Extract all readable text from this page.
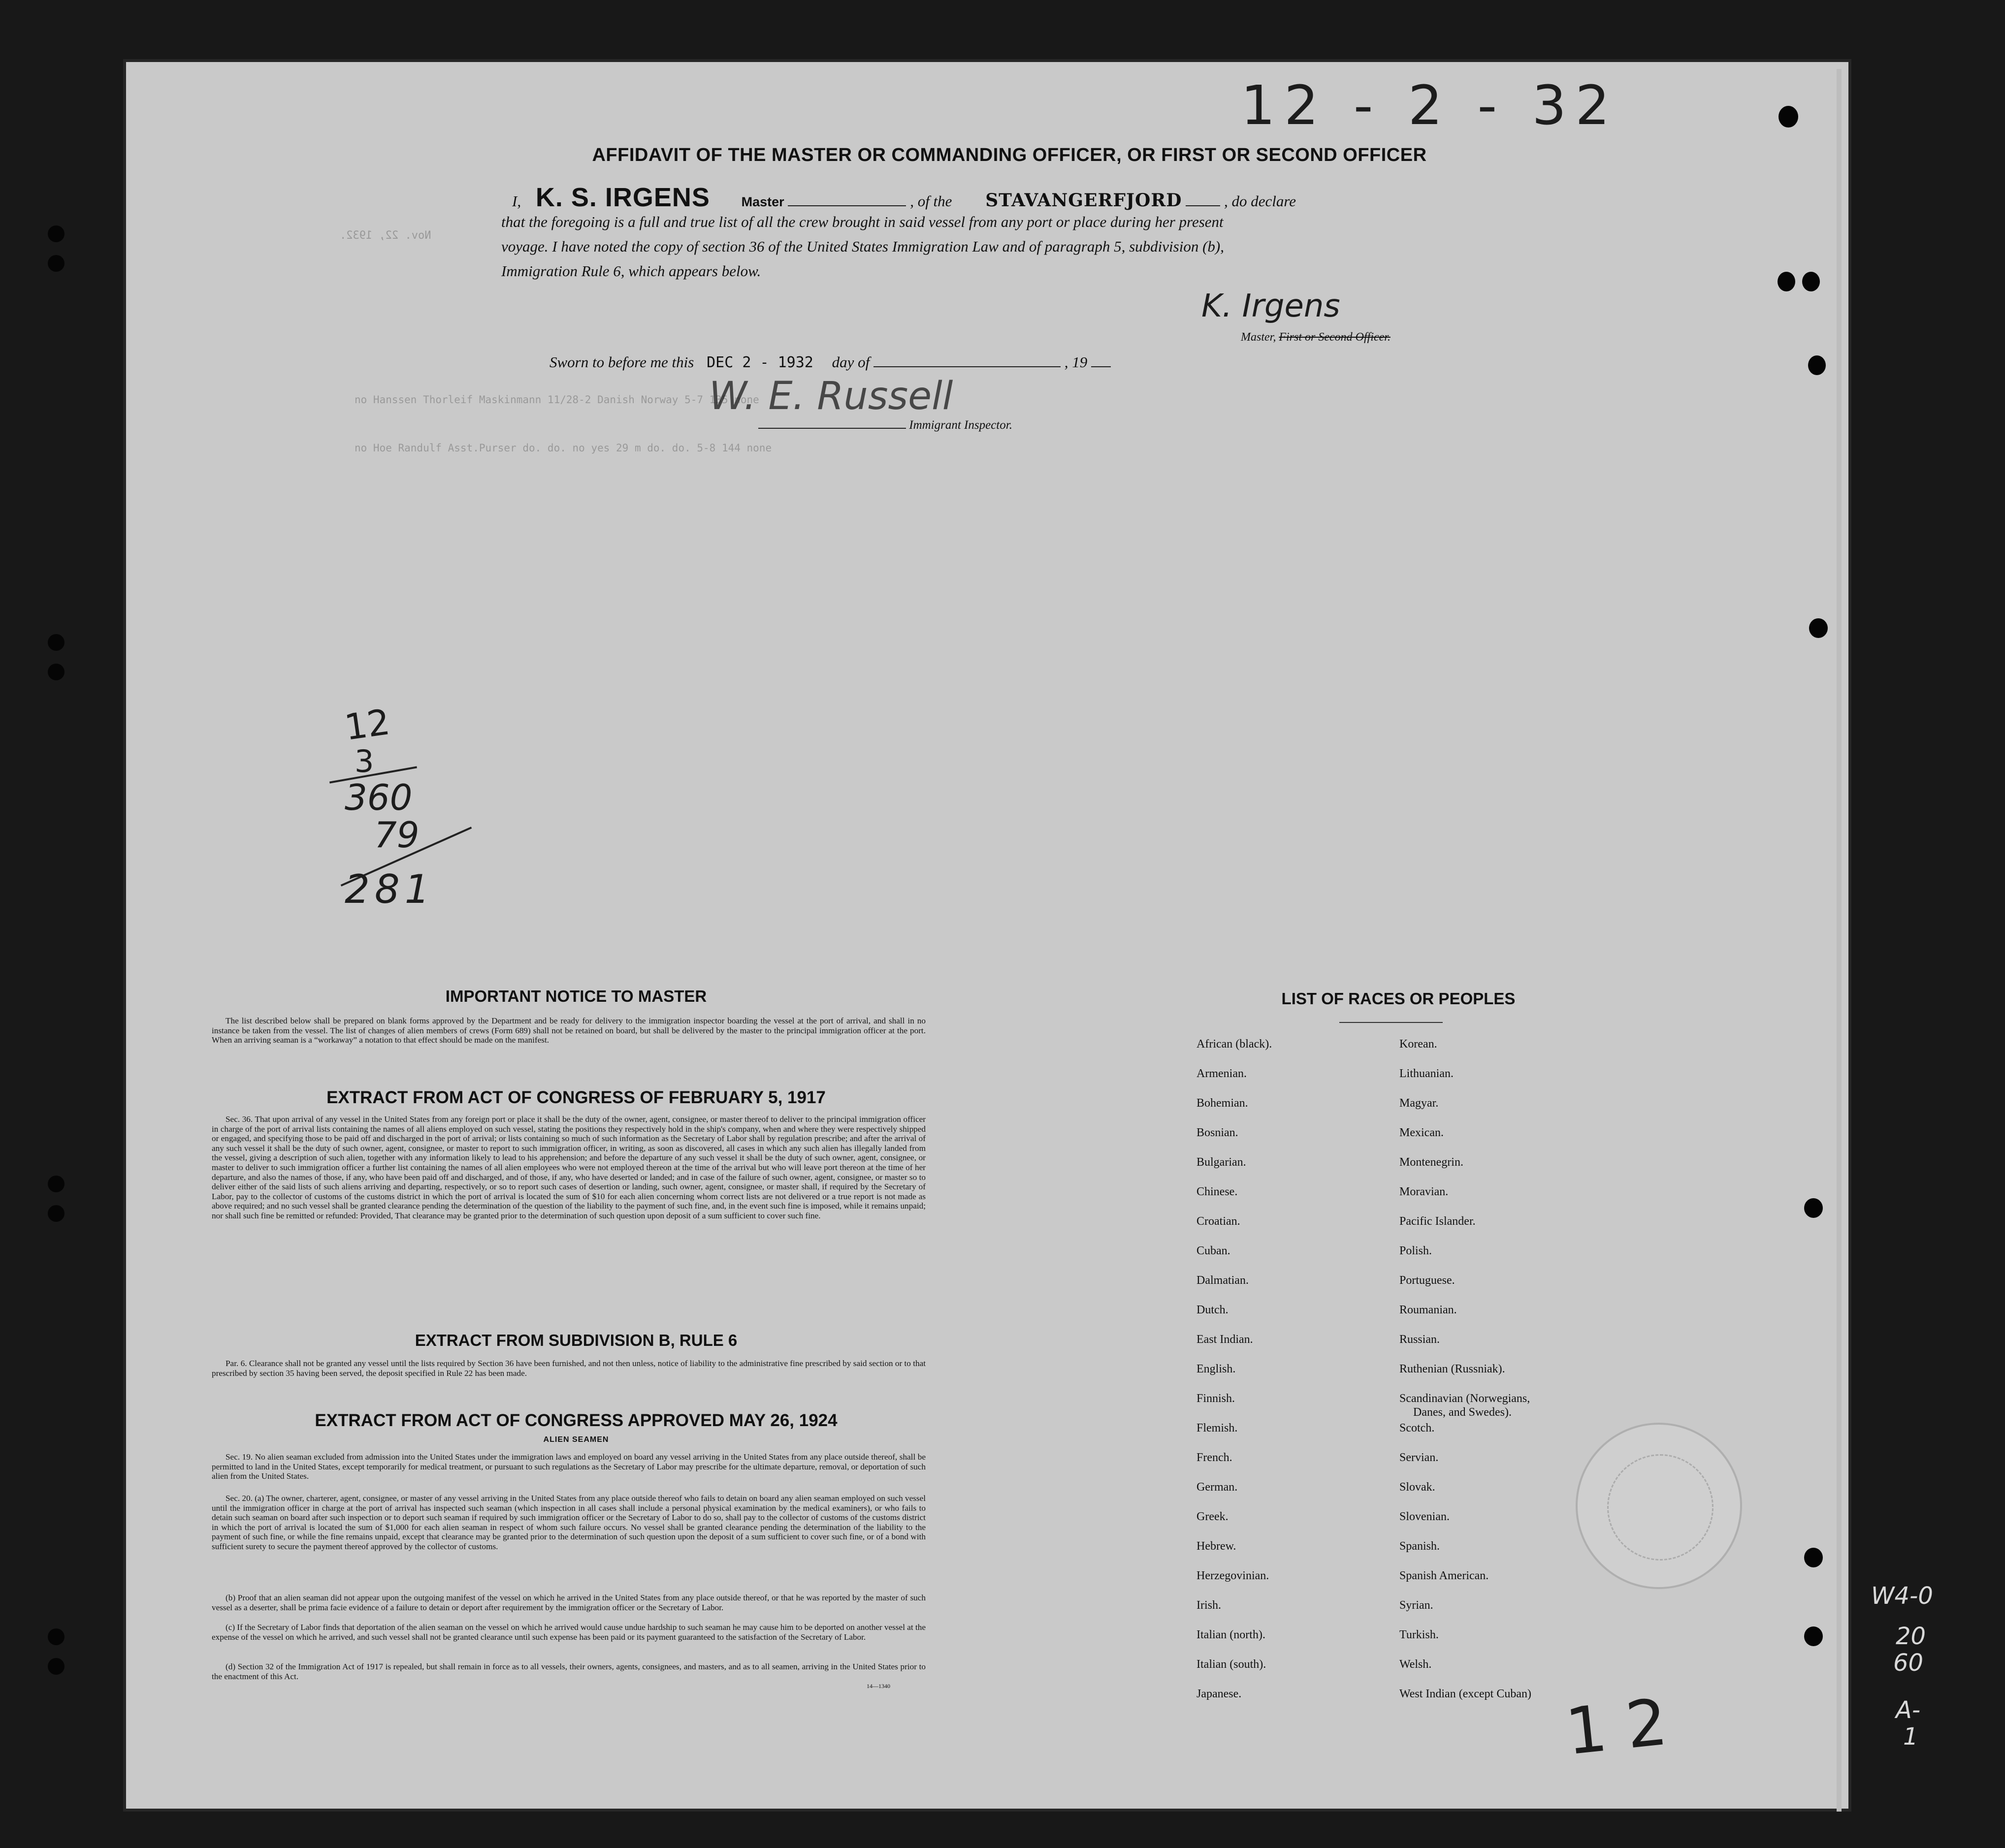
12 - 2 - 32
Nov. 22, 1932.
no Hanssen Thorleif Maskinmann 11/28-2 Danish Norway 5-7 135 none
no Hoe Randulf Asst.Purser do. do. no yes 29 m do. do. 5-8 144 none
AFFIDAVIT OF THE MASTER OR COMMANDING OFFICER, OR FIRST OR SECOND OFFICER
I, K. S. IRGENS Master	, of the STAVANGERFJORD	, do declare
that the foregoing is a full and true list of all the crew brought in said vessel from any port or place during her present
voyage. I have noted the copy of section 36 of the United States Immigration Law and of paragraph 5, subdivision (b),
Immigration Rule 6, which appears below.
K. Irgens
Master, First or Second Officer.
Sworn to before me this DEC 2 - 1932 day of	, 19
W. E. Russell
Immigrant Inspector.
12
3
360
79
281
IMPORTANT NOTICE TO MASTER
The list described below shall be prepared on blank forms approved by the Department and be ready for delivery to the immigration inspector boarding the vessel at the port of arrival, and shall in no instance be taken from the vessel. The list of changes of alien members of crews (Form 689) shall not be retained on board, but shall be delivered by the master to the principal immigration officer at the port. When an arriving seaman is a “workaway” a notation to that effect should be made on the manifest.
EXTRACT FROM ACT OF CONGRESS OF FEBRUARY 5, 1917
Sec. 36. That upon arrival of any vessel in the United States from any foreign port or place it shall be the duty of the owner, agent, consignee, or master thereof to deliver to the principal immigration officer in charge of the port of arrival lists containing the names of all aliens employed on such vessel, stating the positions they respectively hold in the ship's company, when and where they were respectively shipped or engaged, and specifying those to be paid off and discharged in the port of arrival; or lists containing so much of such information as the Secretary of Labor shall by regulation prescribe; and after the arrival of any such vessel it shall be the duty of such owner, agent, consignee, or master to report to such immigration officer, in writing, as soon as discovered, all cases in which any such alien has illegally landed from the vessel, giving a description of such alien, together with any information likely to lead to his apprehension; and before the departure of any such vessel it shall be the duty of such owner, agent, consignee, or master to deliver to such immigration officer a further list containing the names of all alien employees who were not employed thereon at the time of the arrival but who will leave port thereon at the time of her departure, and also the names of those, if any, who have been paid off and discharged, and of those, if any, who have deserted or landed; and in case of the failure of such owner, agent, consignee, or master so to deliver either of the said lists of such aliens arriving and departing, respectively, or so to report such cases of desertion or landing, such owner, agent, consignee, or master shall, if required by the Secretary of Labor, pay to the collector of customs of the customs district in which the port of arrival is located the sum of $10 for each alien concerning whom correct lists are not delivered or a true report is not made as above required; and no such vessel shall be granted clearance pending the determination of the question of the liability to the payment of such fine, and, in the event such fine is imposed, while it remains unpaid; nor shall such fine be remitted or refunded: Provided, That clearance may be granted prior to the determination of such question upon deposit of a sum sufficient to cover such fine.
EXTRACT FROM SUBDIVISION B, RULE 6
Par. 6. Clearance shall not be granted any vessel until the lists required by Section 36 have been furnished, and not then unless, notice of liability to the administrative fine prescribed by said section or to that prescribed by section 35 having been served, the deposit specified in Rule 22 has been made.
EXTRACT FROM ACT OF CONGRESS APPROVED MAY 26, 1924
ALIEN SEAMEN
Sec. 19. No alien seaman excluded from admission into the United States under the immigration laws and employed on board any vessel arriving in the United States from any place outside thereof, shall be permitted to land in the United States, except temporarily for medical treatment, or pursuant to such regulations as the Secretary of Labor may prescribe for the ultimate departure, removal, or deportation of such alien from the United States.
Sec. 20. (a) The owner, charterer, agent, consignee, or master of any vessel arriving in the United States from any place outside thereof who fails to detain on board any alien seaman employed on such vessel until the immigration officer in charge at the port of arrival has inspected such seaman (which inspection in all cases shall include a personal physical examination by the medical examiners), or who fails to detain such seaman on board after such inspection or to deport such seaman if required by such immigration officer or the Secretary of Labor to do so, shall pay to the collector of customs of the customs district in which the port of arrival is located the sum of $1,000 for each alien seaman in respect of whom such failure occurs. No vessel shall be granted clearance pending the determination of the liability to the payment of such fine, or while the fine remains unpaid, except that clearance may be granted prior to the determination of such question upon the deposit of a sum sufficient to cover such fine, or of a bond with sufficient surety to secure the payment thereof approved by the collector of customs.
(b) Proof that an alien seaman did not appear upon the outgoing manifest of the vessel on which he arrived in the United States from any place outside thereof, or that he was reported by the master of such vessel as a deserter, shall be prima facie evidence of a failure to detain or deport after requirement by the immigration officer or the Secretary of Labor.
(c) If the Secretary of Labor finds that deportation of the alien seaman on the vessel on which he arrived would cause undue hardship to such seaman he may cause him to be deported on another vessel at the expense of the vessel on which he arrived, and such vessel shall not be granted clearance until such expense has been paid or its payment guaranteed to the satisfaction of the Secretary of Labor.
(d) Section 32 of the Immigration Act of 1917 is repealed, but shall remain in force as to all vessels, their owners, agents, consignees, and masters, and as to all seamen, arriving in the United States prior to the enactment of this Act.
14—1340
LIST OF RACES OR PEOPLES
African (black).
Armenian.
Bohemian.
Bosnian.
Bulgarian.
Chinese.
Croatian.
Cuban.
Dalmatian.
Dutch.
East Indian.
English.
Finnish.
Flemish.
French.
German.
Greek.
Hebrew.
Herzegovinian.
Irish.
Italian (north).
Italian (south).
Japanese.
Korean.
Lithuanian.
Magyar.
Mexican.
Montenegrin.
Moravian.
Pacific Islander.
Polish.
Portuguese.
Roumanian.
Russian.
Ruthenian (Russniak).
Scandinavian (Norwegians,
Danes, and Swedes).
Scotch.
Servian.
Slovak.
Slovenian.
Spanish.
Spanish American.
Syrian.
Turkish.
Welsh.
West Indian (except Cuban)
W4-0
20
60
A-
1
12
